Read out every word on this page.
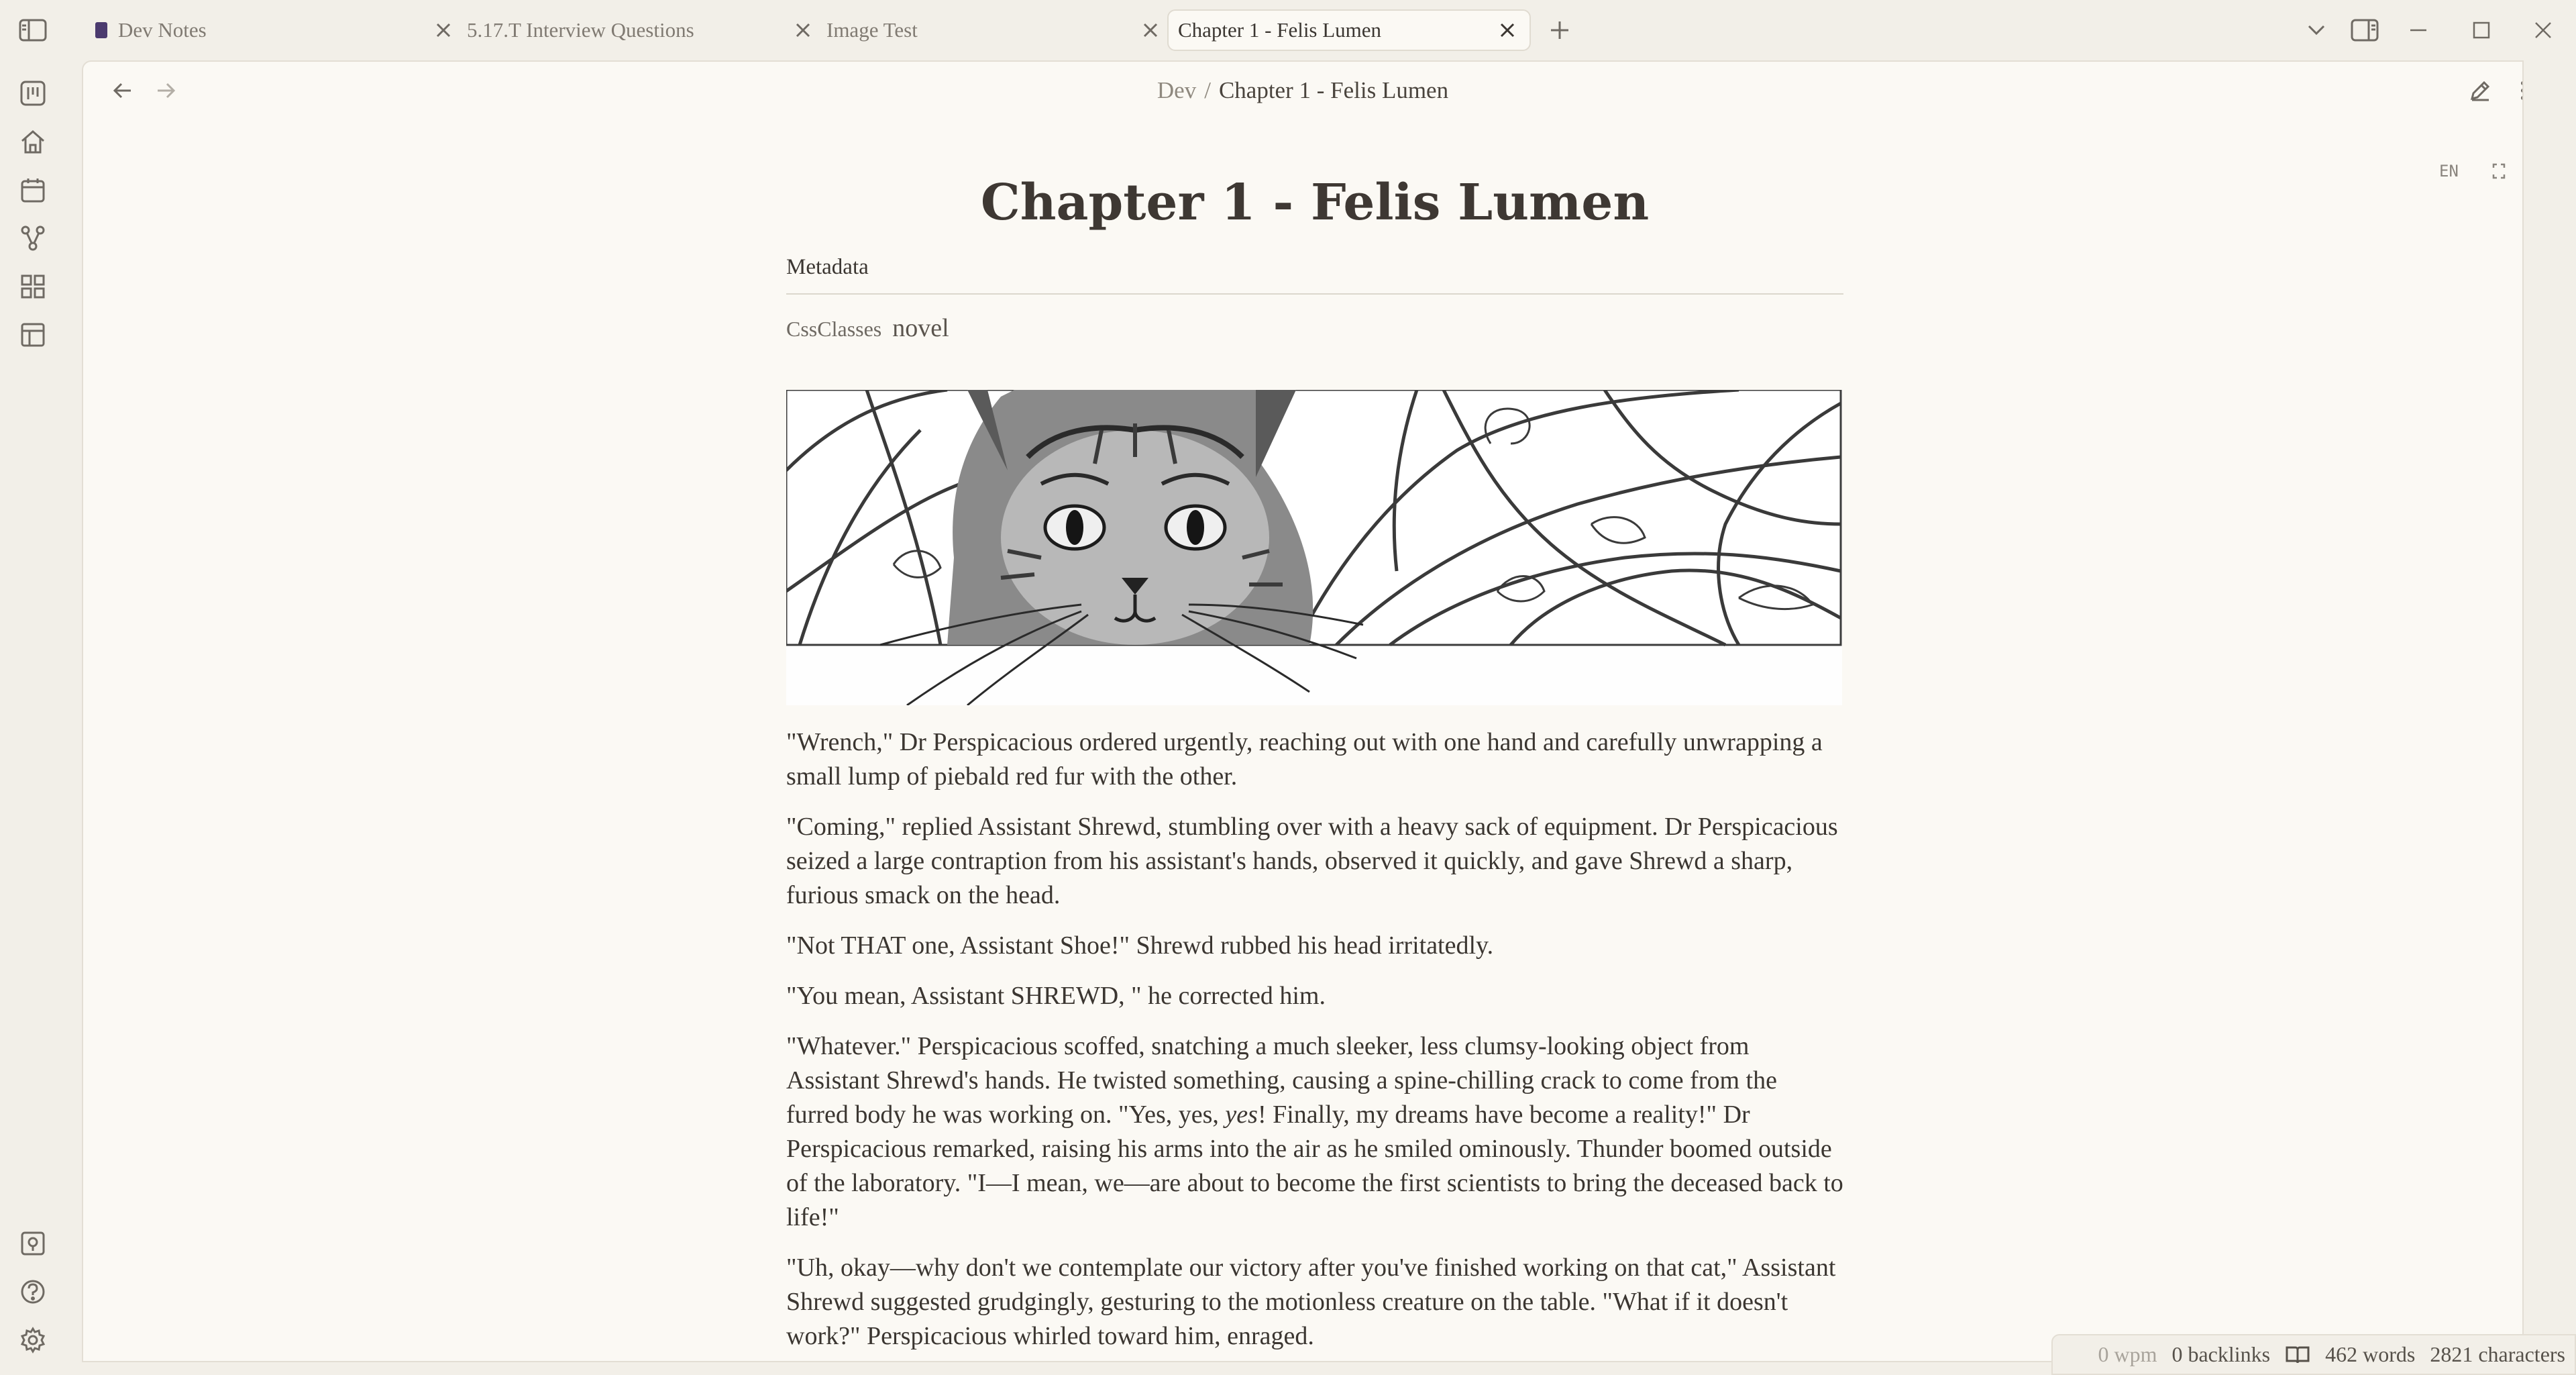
Dev Notes	5.17.T Interview Questions	Image Test	Chapter 1 - Felis Lumen
Dev / Chapter 1 - Felis Lumen
EN
Chapter 1 - Felis Lumen
Metadata
CssClasses novel

"Wrench," Dr Perspicacious ordered urgently, reaching out with one hand and carefully unwrapping a small lump of piebald red fur with the other.

"Coming," replied Assistant Shrewd, stumbling over with a heavy sack of equipment. Dr Perspicacious seized a large contraption from his assistant's hands, observed it quickly, and gave Shrewd a sharp, furious smack on the head.

"Not THAT one, Assistant Shoe!" Shrewd rubbed his head irritatedly.

"You mean, Assistant SHREWD, " he corrected him.

"Whatever." Perspicacious scoffed, snatching a much sleeker, less clumsy-looking object from Assistant Shrewd's hands. He twisted something, causing a spine-chilling crack to come from the furred body he was working on. "Yes, yes, yes! Finally, my dreams have become a reality!" Dr Perspicacious remarked, raising his arms into the air as he smiled ominously. Thunder boomed outside of the laboratory. "I—I mean, we—are about to become the first scientists to bring the deceased back to life!"

"Uh, okay—why don't we contemplate our victory after you've finished working on that cat," Assistant Shrewd suggested grudgingly, gesturing to the motionless creature on the table. "What if it doesn't work?" Perspicacious whirled toward him, enraged.

0 wpm 0 backlinks	462 words 2821 characters
